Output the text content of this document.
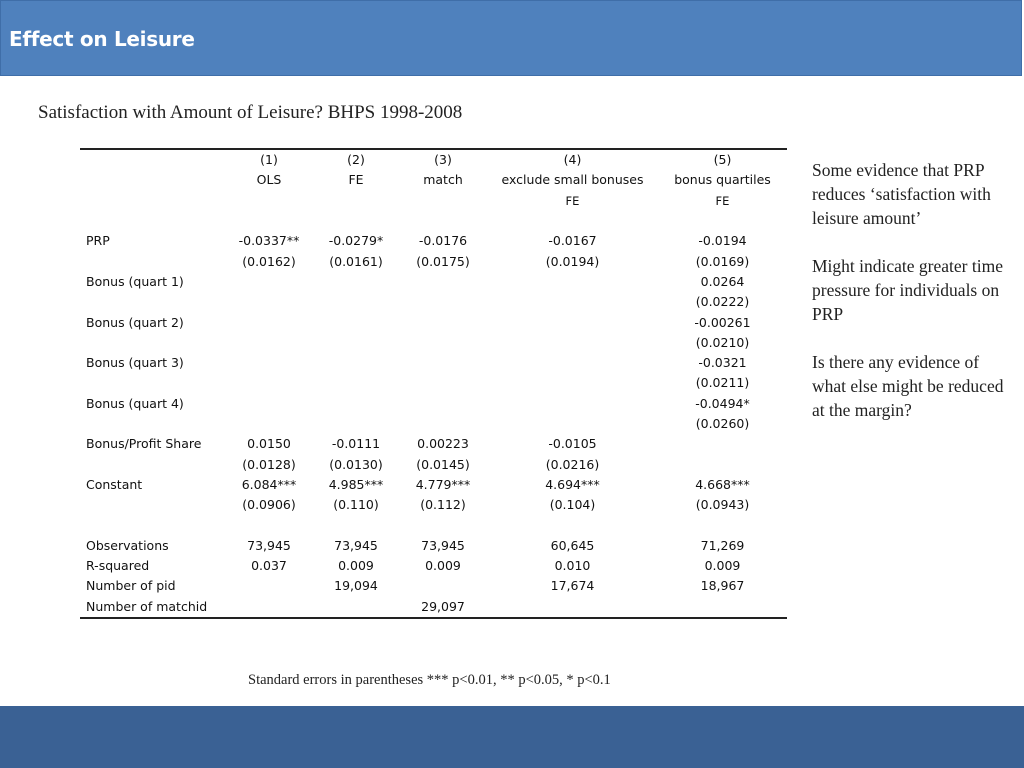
Effect on Leisure
Satisfaction with Amount of Leisure? BHPS 1998-2008
	(1)	(2)	(3)	(4)	(5)
	OLS	FE	match	exclude small bonuses	bonus quartiles
				FE	FE

PRP	-0.0337**	-0.0279*	-0.0176	-0.0167	-0.0194
	(0.0162)	(0.0161)	(0.0175)	(0.0194)	(0.0169)
Bonus (quart 1)					0.0264
					(0.0222)
Bonus (quart 2)					-0.00261
					(0.0210)
Bonus (quart 3)					-0.0321
					(0.0211)
Bonus (quart 4)					-0.0494*
					(0.0260)
Bonus/Profit Share	0.0150	-0.0111	0.00223	-0.0105	
	(0.0128)	(0.0130)	(0.0145)	(0.0216)	
Constant	6.084***	4.985***	4.779***	4.694***	4.668***
	(0.0906)	(0.110)	(0.112)	(0.104)	(0.0943)

Observations	73,945	73,945	73,945	60,645	71,269
R-squared	0.037	0.009	0.009	0.010	0.009
Number of pid		19,094		17,674	18,967
Number of matchid			29,097		

Some evidence that PRP reduces ‘satisfaction with leisure amount’

Might indicate greater time pressure for individuals on PRP

Is there any evidence of what else might be reduced at the margin?

Standard errors in parentheses *** p<0.01, ** p<0.05, * p<0.1
